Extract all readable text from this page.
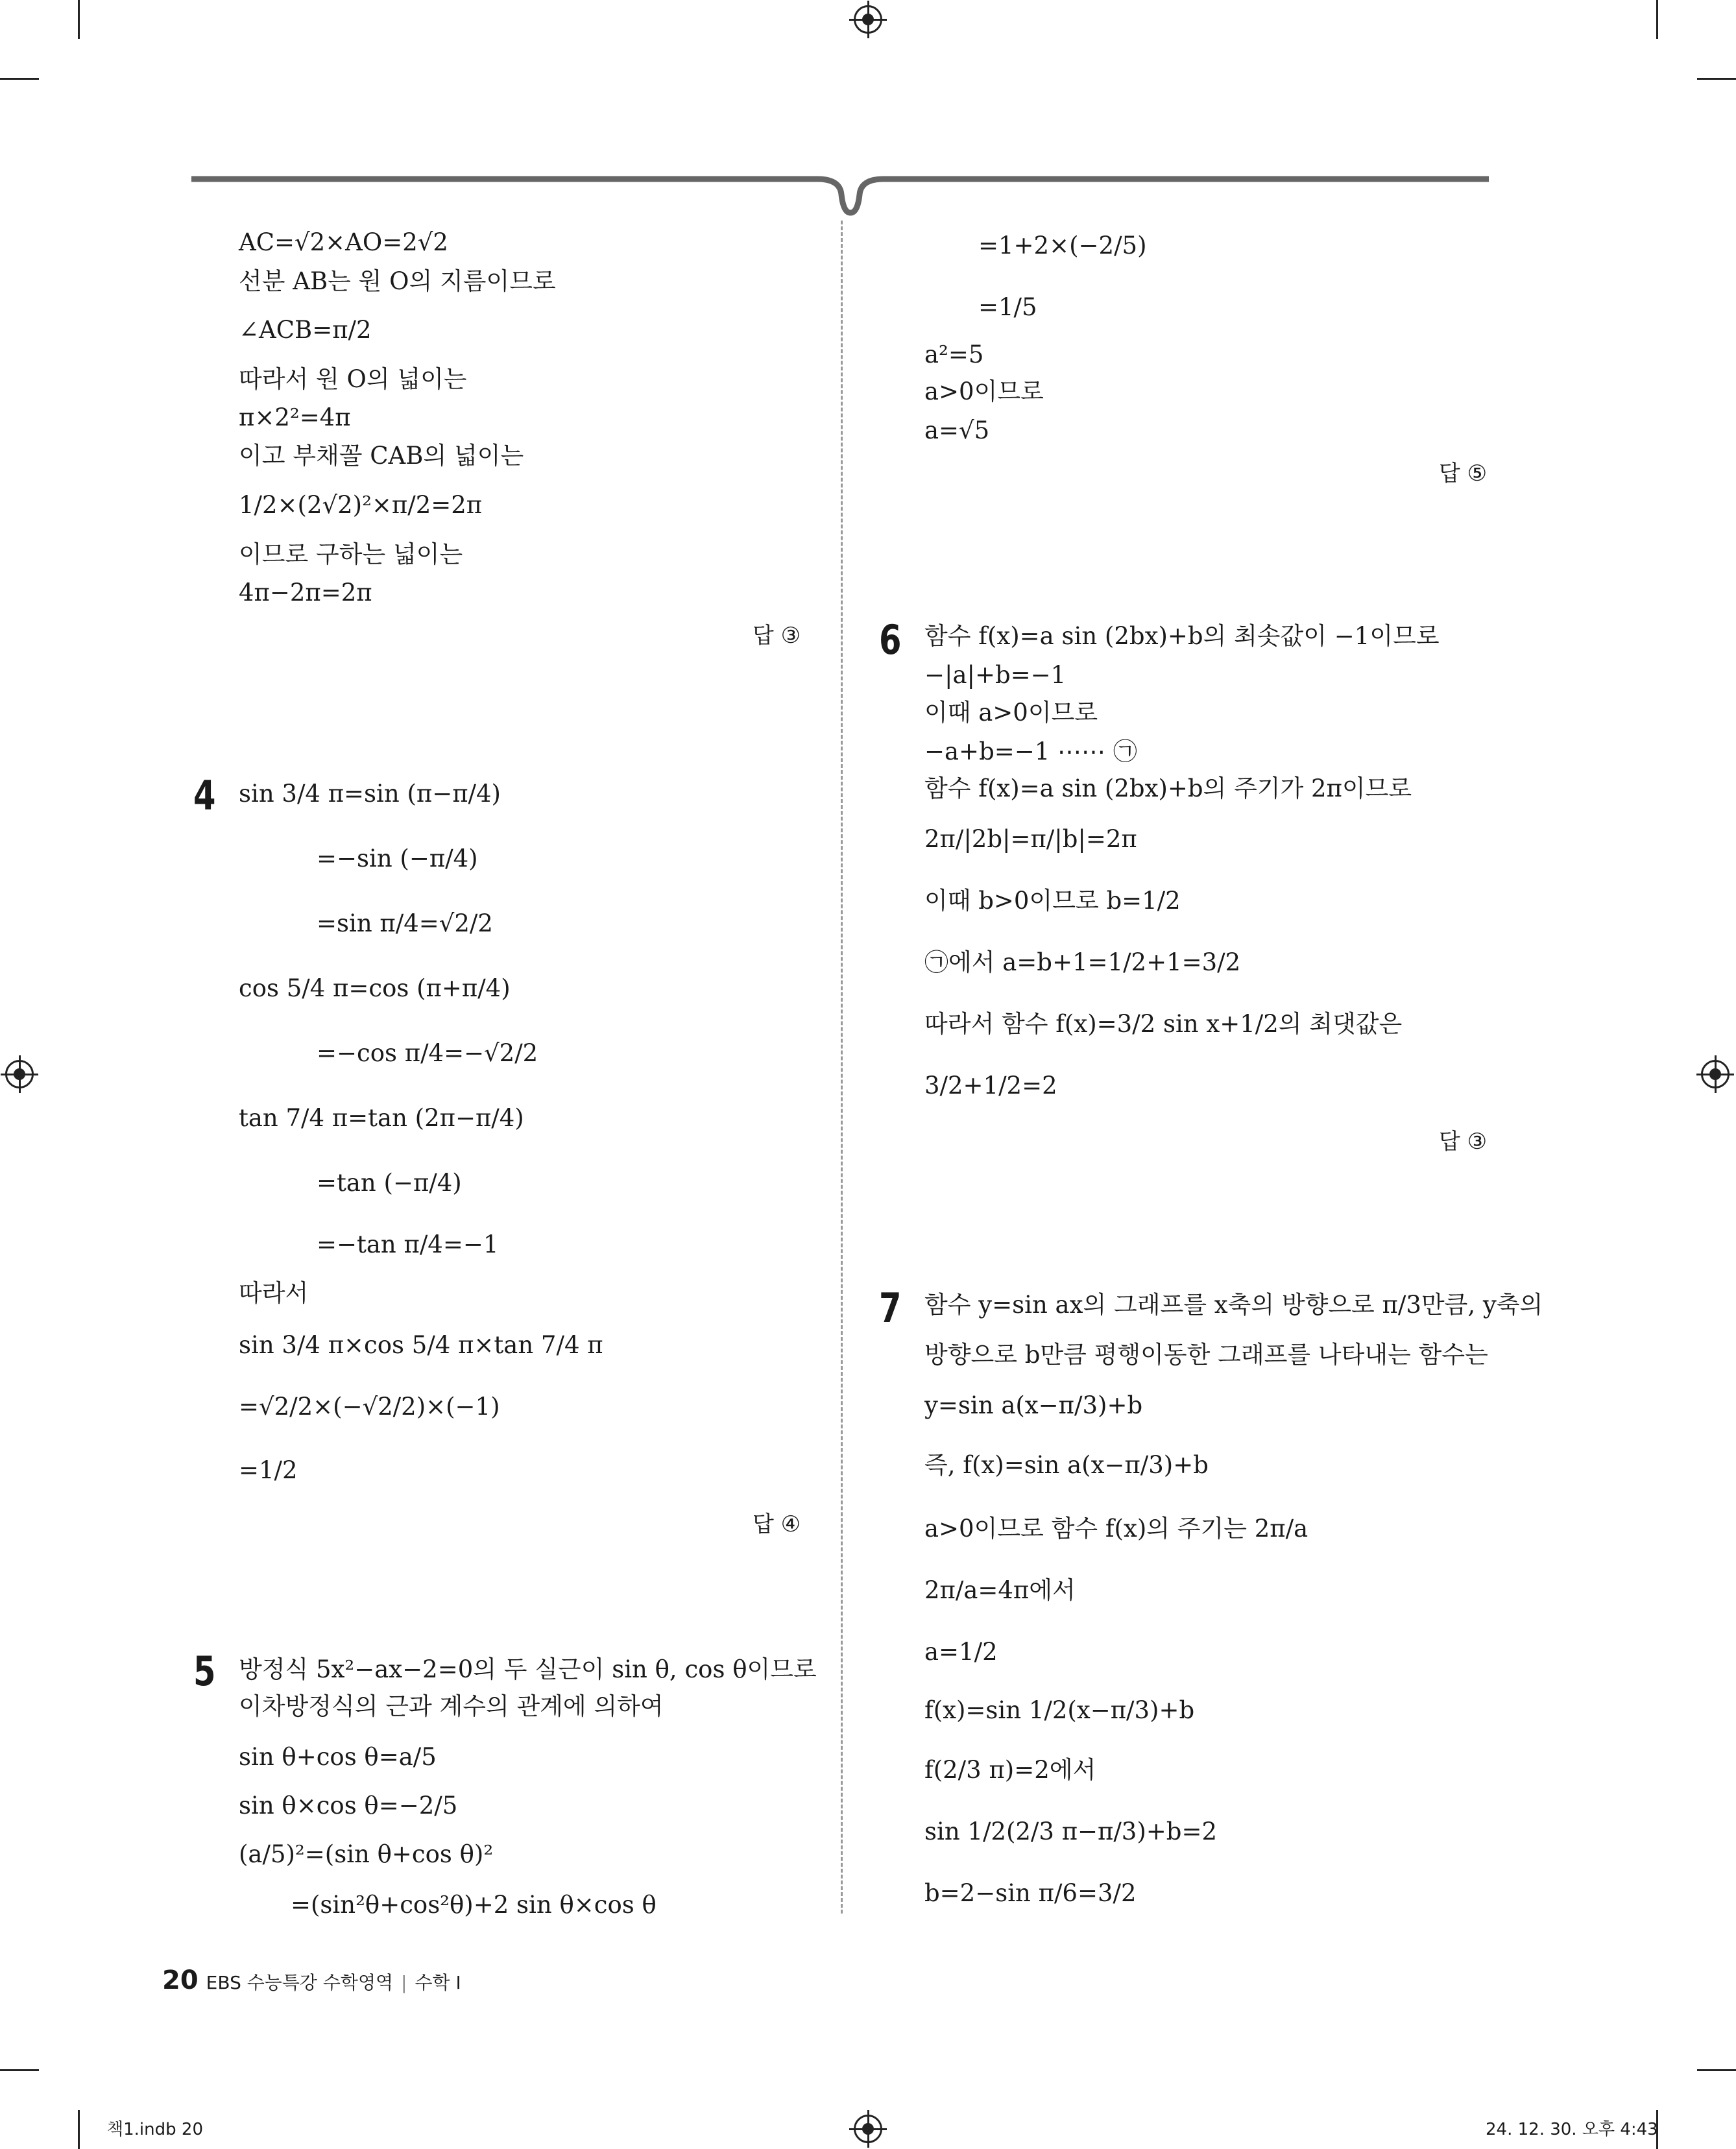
AC=√2×AO=2√2
선분 AB는 원 O의 지름이므로
∠ACB=π/2
따라서 원 O의 넓이는
π×2²=4π
이고 부채꼴 CAB의 넓이는
1/2×(2√2)²×π/2=2π
이므로 구하는 넓이는
4π−2π=2π
답 ③
4 sin 3/4 π=sin (π−π/4)
=−sin (−π/4)
=sin π/4=√2/2
cos 5/4 π=cos (π+π/4)
=−cos π/4=−√2/2
tan 7/4 π=tan (2π−π/4)
=tan (−π/4)
=−tan π/4=−1
따라서
sin 3/4 π×cos 5/4 π×tan 7/4 π
=√2/2×(−√2/2)×(−1)
=1/2
답 ④
5 방정식 5x²−ax−2=0의 두 실근이 sin θ, cos θ이므로
이차방정식의 근과 계수의 관계에 의하여
sin θ+cos θ=a/5
sin θ×cos θ=−2/5
(a/5)²=(sin θ+cos θ)²
=(sin²θ+cos²θ)+2 sin θ×cos θ
=1+2×(−2/5)
=1/5
a²=5
a>0이므로
a=√5
답 ⑤
6 함수 f(x)=a sin (2bx)+b의 최솟값이 −1이므로
−|a|+b=−1
이때 a>0이므로
−a+b=−1 ⋯⋯ ㉠
함수 f(x)=a sin (2bx)+b의 주기가 2π이므로
2π/|2b|=π/|b|=2π
이때 b>0이므로 b=1/2
㉠에서 a=b+1=1/2+1=3/2
따라서 함수 f(x)=3/2 sin x+1/2의 최댓값은
3/2+1/2=2
답 ③
7 함수 y=sin ax의 그래프를 x축의 방향으로 π/3만큼, y축의
방향으로 b만큼 평행이동한 그래프를 나타내는 함수는
y=sin a(x−π/3)+b
즉, f(x)=sin a(x−π/3)+b
a>0이므로 함수 f(x)의 주기는 2π/a
2π/a=4π에서
a=1/2
f(x)=sin 1/2(x−π/3)+b
f(2/3 π)=2에서
sin 1/2(2/3 π−π/3)+b=2
b=2−sin π/6=3/2
20 EBS 수능특강 수학영역 | 수학 I
책1.indb 20	24. 12. 30. 오후 4:43
